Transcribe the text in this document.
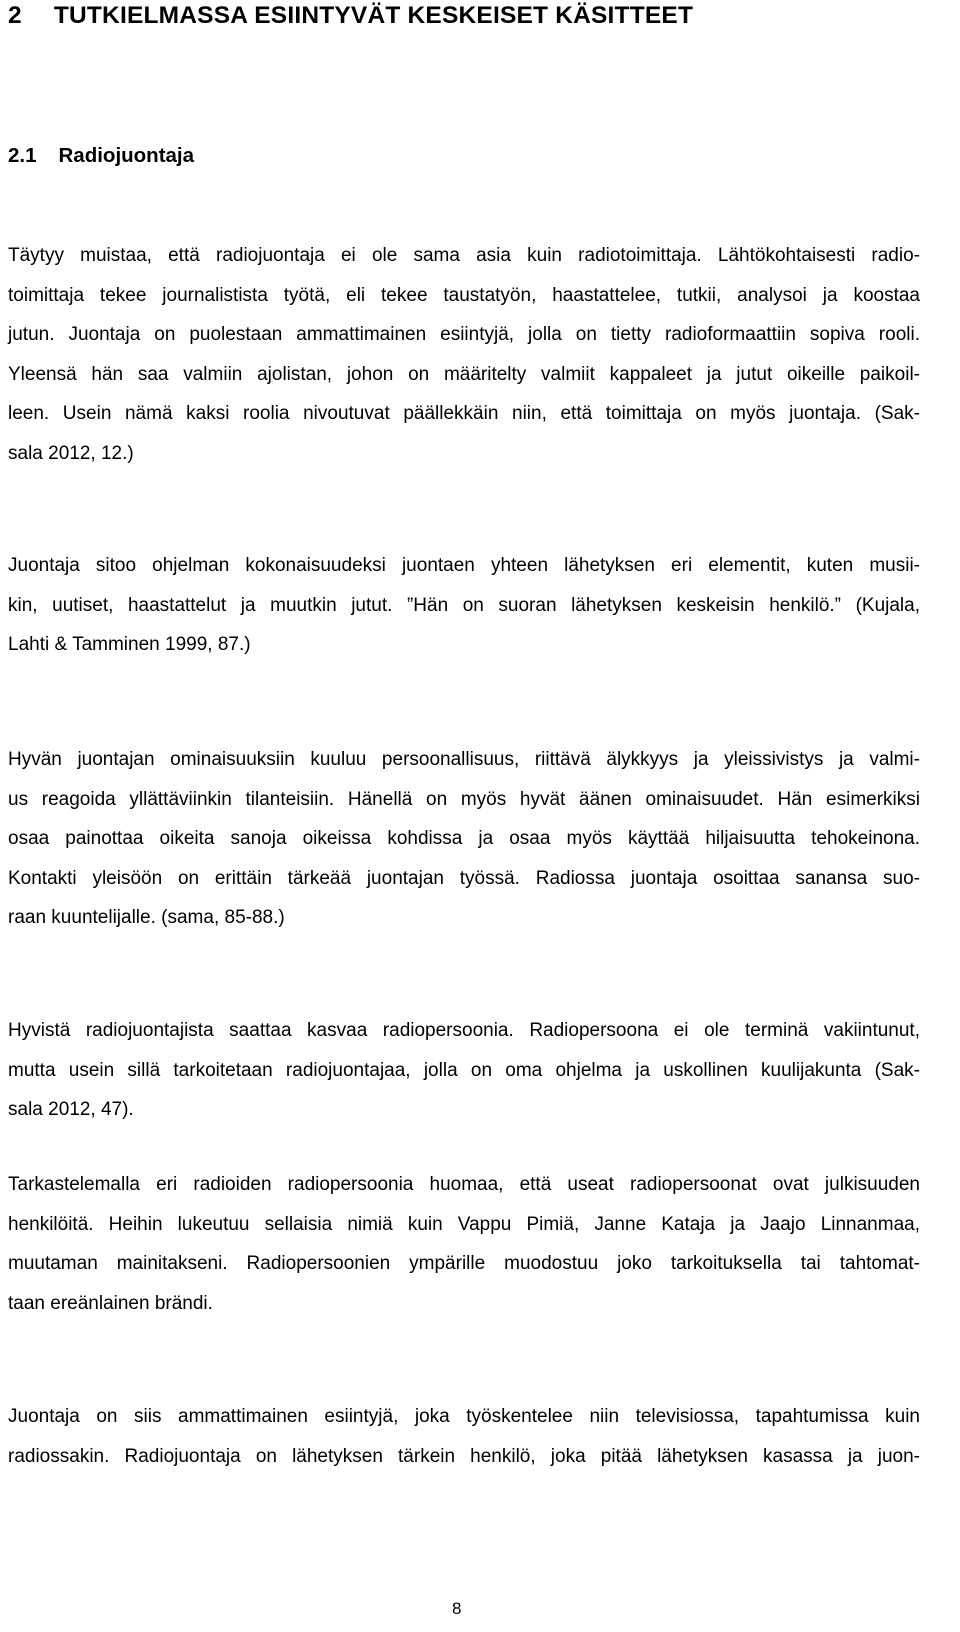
2 TUTKIELMASSA ESIINTYVÄT KESKEISET KÄSITTEET
2.1 Radiojuontaja
Täytyy muistaa, että radiojuontaja ei ole sama asia kuin radiotoimittaja. Lähtökohtaisesti radio-
toimittaja tekee journalistista työtä, eli tekee taustatyön, haastattelee, tutkii, analysoi ja koostaa
jutun. Juontaja on puolestaan ammattimainen esiintyjä, jolla on tietty radioformaattiin sopiva rooli.
Yleensä hän saa valmiin ajolistan, johon on määritelty valmiit kappaleet ja jutut oikeille paikoil-
leen. Usein nämä kaksi roolia nivoutuvat päällekkäin niin, että toimittaja on myös juontaja. (Sak-
sala 2012, 12.)
Juontaja sitoo ohjelman kokonaisuudeksi juontaen yhteen lähetyksen eri elementit, kuten musii-
kin, uutiset, haastattelut ja muutkin jutut. ”Hän on suoran lähetyksen keskeisin henkilö.” (Kujala,
Lahti & Tamminen 1999, 87.)
Hyvän juontajan ominaisuuksiin kuuluu persoonallisuus, riittävä älykkyys ja yleissivistys ja valmi-
us reagoida yllättäviinkin tilanteisiin. Hänellä on myös hyvät äänen ominaisuudet. Hän esimerkiksi
osaa painottaa oikeita sanoja oikeissa kohdissa ja osaa myös käyttää hiljaisuutta tehokeinona.
Kontakti yleisöön on erittäin tärkeää juontajan työssä. Radiossa juontaja osoittaa sanansa suo-
raan kuuntelijalle. (sama, 85-88.)
Hyvistä radiojuontajista saattaa kasvaa radiopersoonia. Radiopersoona ei ole terminä vakiintunut,
mutta usein sillä tarkoitetaan radiojuontajaa, jolla on oma ohjelma ja uskollinen kuulijakunta (Sak-
sala 2012, 47).
Tarkastelemalla eri radioiden radiopersoonia huomaa, että useat radiopersoonat ovat julkisuuden
henkilöitä. Heihin lukeutuu sellaisia nimiä kuin Vappu Pimiä, Janne Kataja ja Jaajo Linnanmaa,
muutaman mainitakseni. Radiopersoonien ympärille muodostuu joko tarkoituksella tai tahtomat-
taan ereänlainen brändi.
Juontaja on siis ammattimainen esiintyjä, joka työskentelee niin televisiossa, tapahtumissa kuin
radiossakin. Radiojuontaja on lähetyksen tärkein henkilö, joka pitää lähetyksen kasassa ja juon-
8
